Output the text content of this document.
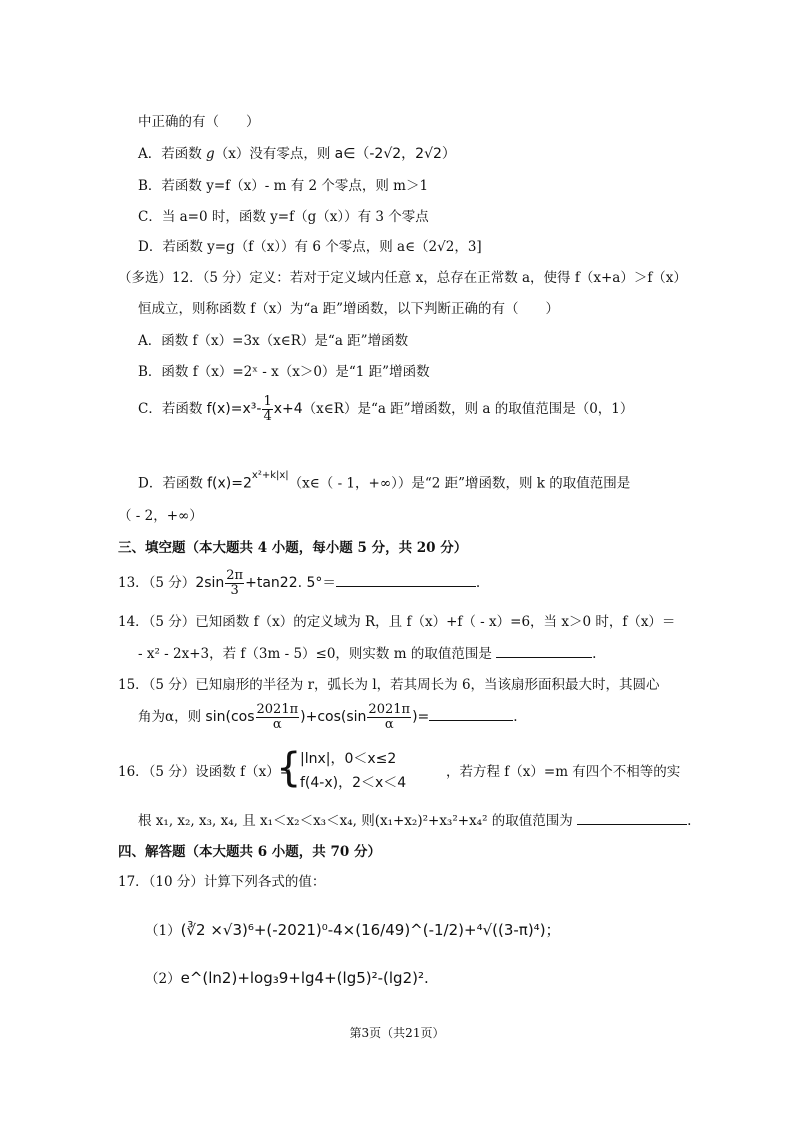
中正确的有（　　）
A．若函数 g（x）没有零点，则 a∈（-2√2，2√2）
B．若函数 y=f（x）- m 有 2 个零点，则 m＞1
C．当 a=0 时，函数 y=f（g（x））有 3 个零点
D．若函数 y=g（f（x））有 6 个零点，则 a∈（2√2，3]
（多选）12．（5 分）定义：若对于定义域内任意 x，总存在正常数 a，使得 f（x+a）＞f（x）
恒成立，则称函数 f（x）为“a 距”增函数，以下判断正确的有（　　）
A．函数 f（x）=3x（x∈R）是“a 距”增函数
B．函数 f（x）=2ˣ - x（x＞0）是“1 距”增函数
C．若函数 $f(x)=x^3- \frac{1}{4}$ x+4（x∈R）是“a 距”增函数，则 a 的取值范围是（0，1）
D．若函数 $f(x)=2^{x^2+k|x|}(x\in( - 1$，+∞））是“2 距”增函数，则 k 的取值范围是
（ - 2，+∞）
三、填空题（本大题共 4 小题，每小题 5 分，共 20 分）
13．（5 分）$2\sin \frac{2\pi}{3} +\tan 22$. 5°＝	.
14．（5 分）已知函数 f（x）的定义域为 R，且 f（x）+f（ - x）=6，当 x＞0 时，f（x）＝
- x² - 2x+3，若 f（3m - 5）≤0，则实数 m 的取值范围是	.
15．（5 分）已知扇形的半径为 r，弧长为 l，若其周长为 6，当该扇形面积最大时，其圆心
角为α，则 $\sin(\cos \frac{2021\pi}{\alpha} )+\cos(\sin \frac{2021\pi}{\alpha}$ )=	.
16．（5 分）设函数 f（x）=
{
|lnx|，0＜x≤2
f(4-x)，2＜x＜4
，若方程 f（x）=m 有四个不相等的实
根 x₁, x₂, x₃, x₄, 且 x₁＜x₂＜x₃＜x₄, 则(x₁+x₂)²+x₃²+x₄² 的取值范围为	.
四、解答题（本大题共 6 小题，共 70 分）
17．（10 分）计算下列各式的值：
（1）(∛2 ×√3)⁶+(-2021)⁰-4×(16/49)^(-1/2)+⁴√((3-π)⁴)；
（2）e^(ln2)+log₃9+lg4+(lg5)²-(lg2)².
第3页（共21页）
